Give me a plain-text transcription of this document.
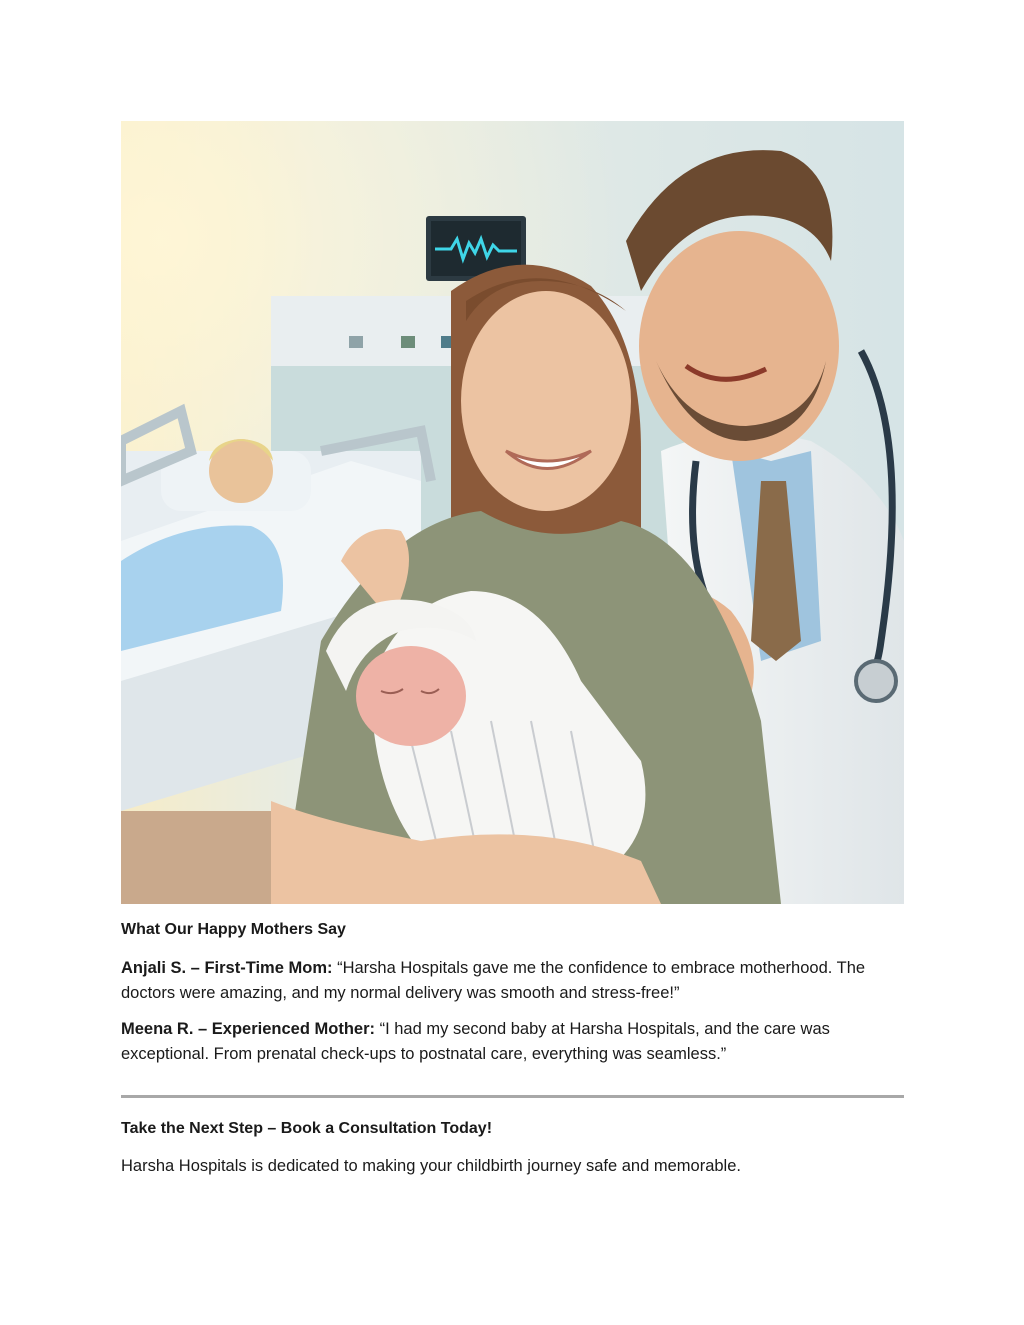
What Our Happy Mothers Say

Anjali S. – First-Time Mom: “Harsha Hospitals gave me the confidence to embrace motherhood. The doctors were amazing, and my normal delivery was smooth and stress-free!”

Meena R. – Experienced Mother: “I had my second baby at Harsha Hospitals, and the care was exceptional. From prenatal check-ups to postnatal care, everything was seamless.”

Take the Next Step – Book a Consultation Today!

Harsha Hospitals is dedicated to making your childbirth journey safe and memorable.
